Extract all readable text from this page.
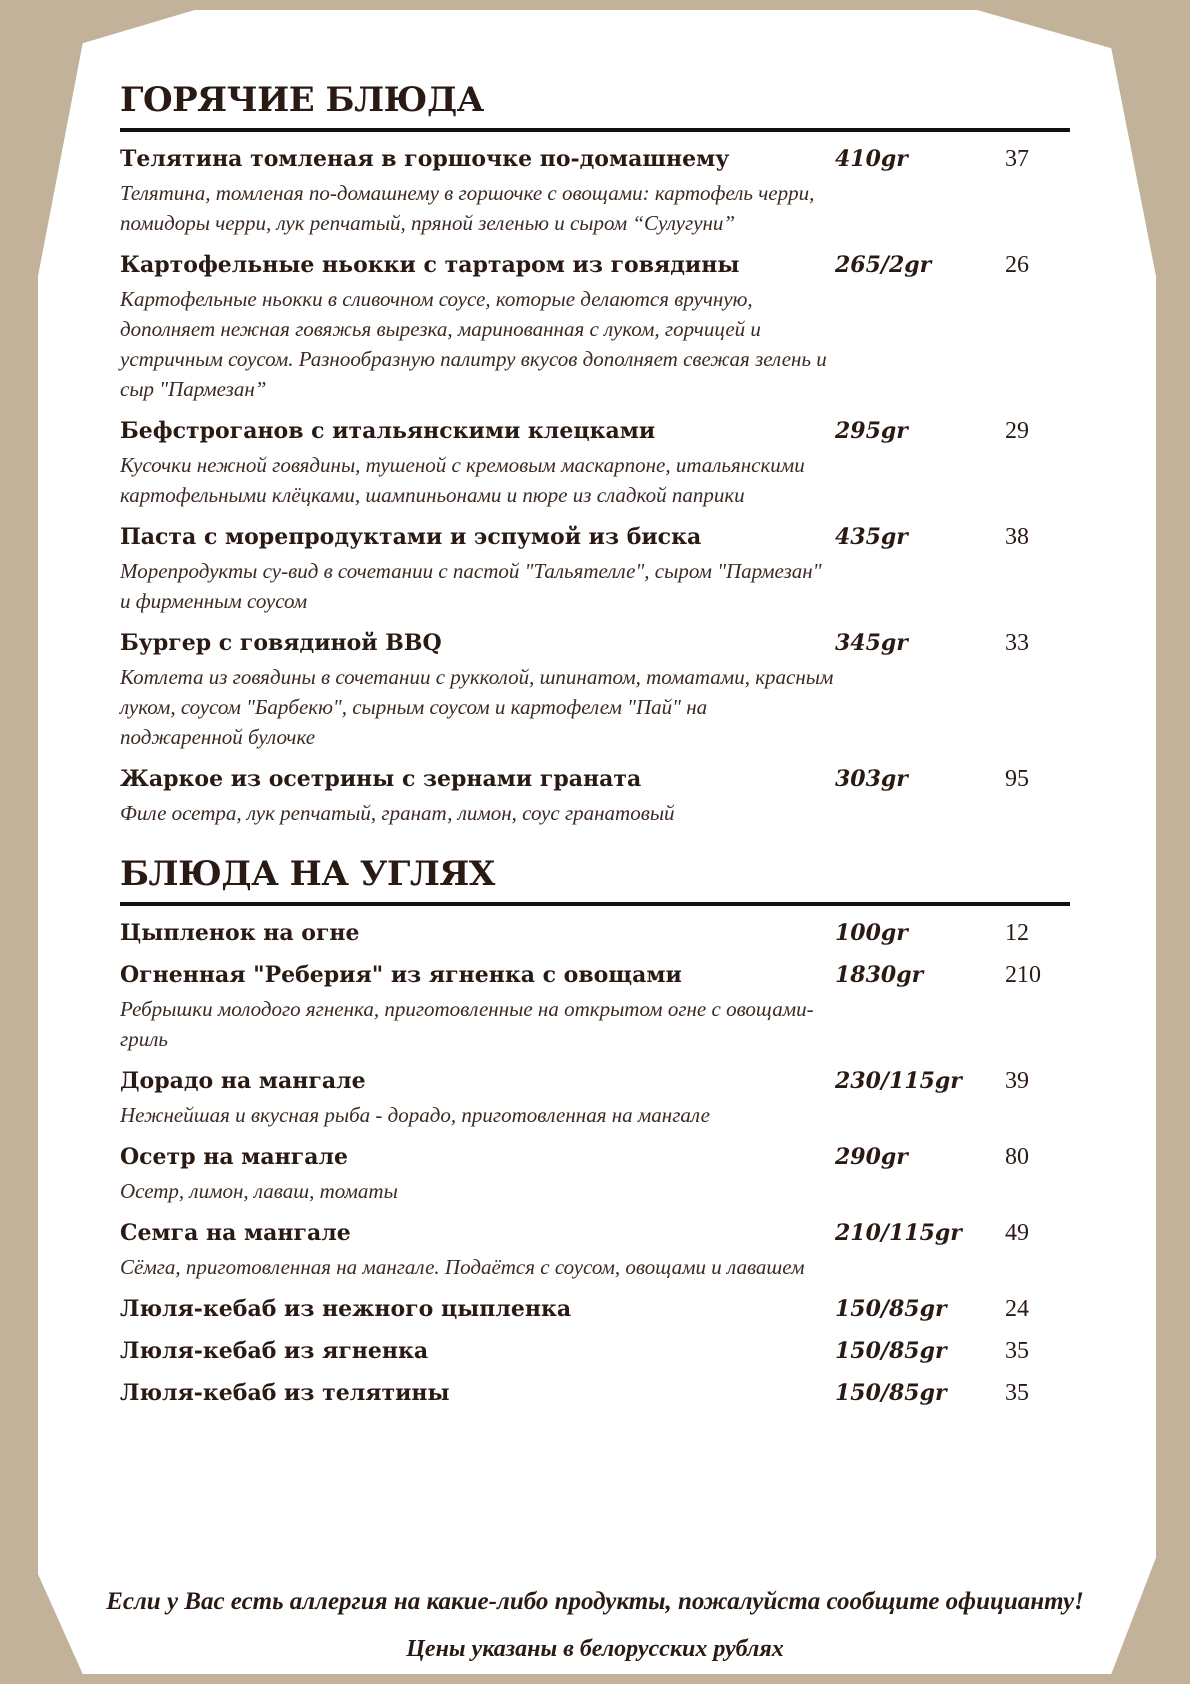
ГОРЯЧИЕ БЛЮДА
Телятина томленая в горшочке по-домашнему	410gr	37
Телятина, томленая по-домашнему в горшочке с овощами: картофель черри, помидоры черри, лук репчатый, пряной зеленью и сыром “Сулугуни”
Картофельные ньокки с тартаром из говядины	265/2gr	26
Картофельные ньокки в сливочном соусе, которые делаются вручную, дополняет нежная говяжья вырезка, маринованная с луком, горчицей и устричным соусом. Разнообразную палитру вкусов дополняет свежая зелень и сыр "Пармезан”
Бефстроганов с итальянскими клецками	295gr	29
Кусочки нежной говядины, тушеной с кремовым маскарпоне, итальянскими картофельными клёцками, шампиньонами и пюре из сладкой паприки
Паста с морепродуктами и эспумой из биска	435gr	38
Морепродукты су-вид в сочетании с пастой "Тальятелле", сыром "Пармезан" и фирменным соусом
Бургер с говядиной BBQ	345gr	33
Котлета из говядины в сочетании с рукколой, шпинатом, томатами, красным луком, соусом "Барбекю", сырным соусом и картофелем "Пай" на поджаренной булочке
Жаркое из осетрины с зернами граната	303gr	95
Филе осетра, лук репчатый, гранат, лимон, соус гранатовый
БЛЮДА НА УГЛЯХ
Цыпленок на огне	100gr	12
Огненная "Реберия" из ягненка с овощами	1830gr	210
Ребрышки молодого ягненка, приготовленные на открытом огне с овощами-гриль
Дорадо на мангале	230/115gr	39
Нежнейшая и вкусная рыба - дорадо, приготовленная на мангале
Осетр на мангале	290gr	80
Осетр, лимон, лаваш, томаты
Семга на мангале	210/115gr	49
Сёмга, приготовленная на мангале. Подаётся с соусом, овощами и лавашем
Люля-кебаб из нежного цыпленка	150/85gr	24
Люля-кебаб из ягненка	150/85gr	35
Люля-кебаб из телятины	150/85gr	35
Если у Вас есть аллергия на какие-либо продукты, пожалуйста сообщите официанту!
Цены указаны в белорусских рублях
